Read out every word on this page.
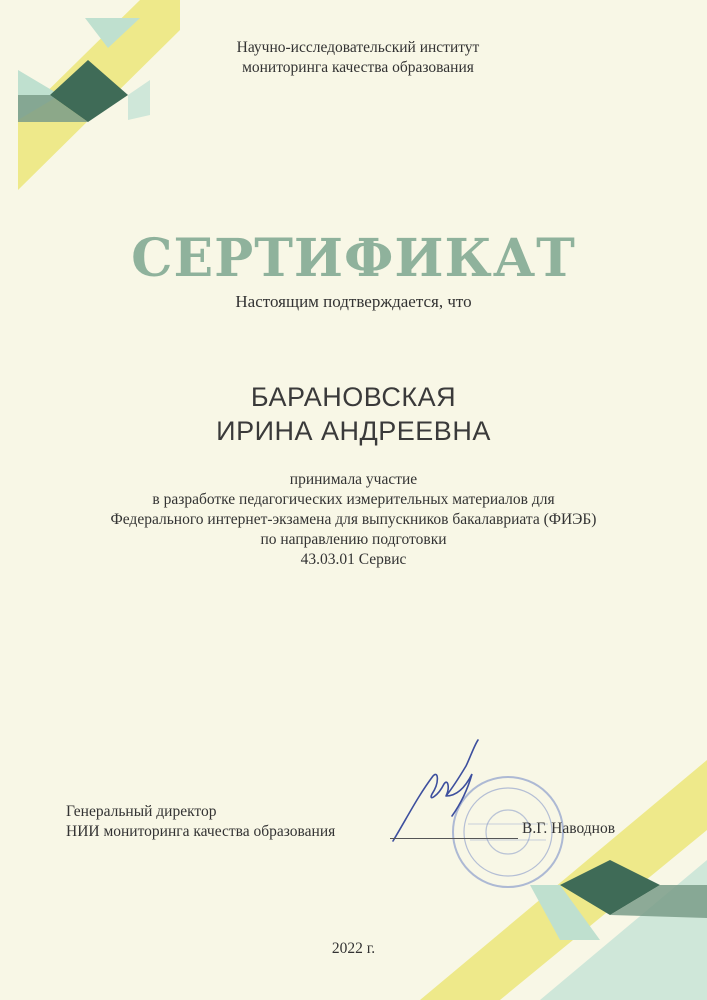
Научно-исследовательский институт
мониторинга качества образования
СЕРТИФИКАТ
Настоящим подтверждается, что
БАРАНОВСКАЯ
ИРИНА АНДРЕЕВНА
принимала участие
в разработке педагогических измерительных материалов для
Федерального интернет-экзамена для выпускников бакалавриата (ФИЭБ)
по направлению подготовки
43.03.01 Сервис
Генеральный директор
НИИ мониторинга качества образования	В.Г. Наводнов
2022 г.
